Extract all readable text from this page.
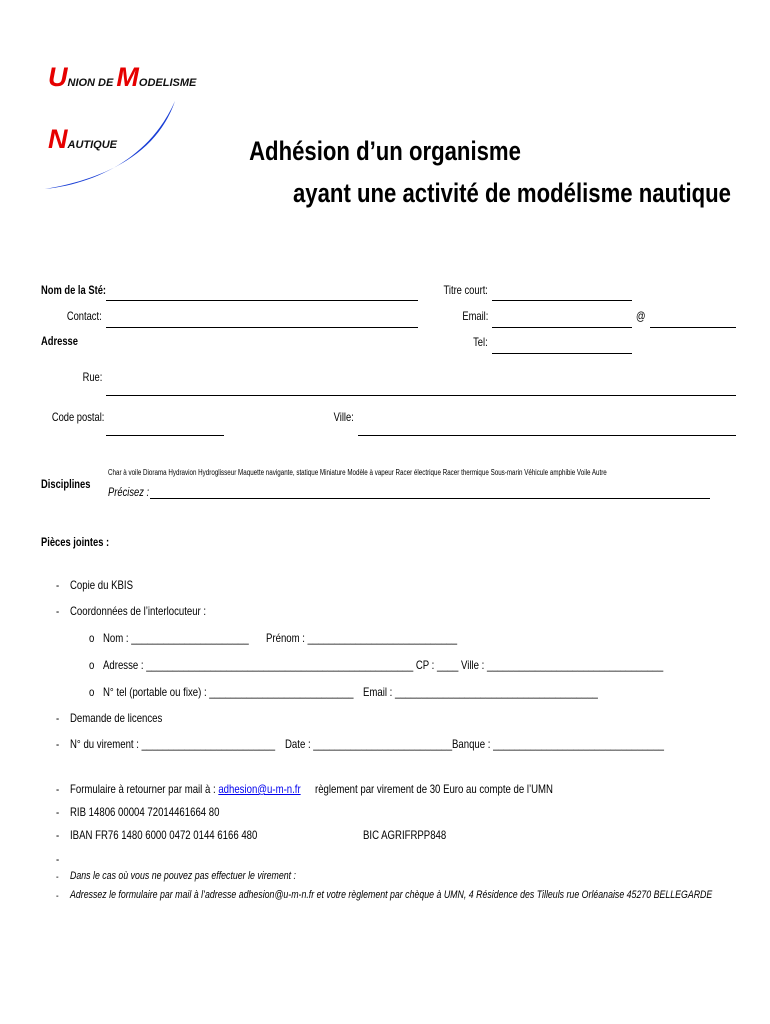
UNION DE MODELISME
NAUTIQUE	Adhésion d’un organisme
ayant une activité de modélisme nautique
Nom de la Sté:
Contact:
Adresse
Titre court:
Email:	@
Tel:
Rue:
Code postal:	Ville:
Disciplines
Char à voile Diorama Hydravion Hydroglisseur Maquette navigante, statique Miniature Modèle à vapeur Racer électrique Racer thermique Sous-marin Véhicule amphibie Voile Autre
Précisez :
Pièces jointes :
- Copie du KBIS
- Coordonnées de l’interlocuteur :
o Nom : ______________________ Prénom : ____________________________
o Adresse : __________________________________________________ CP : ____ Ville : _________________________________
o N° tel (portable ou fixe) : ___________________________ Email : ______________________________________
- Demande de licences
- N° du virement : _________________________ Date : __________________________ Banque : ________________________________
- Formulaire à retourner par mail à : adhesion@u-m-n.fr règlement par virement de 30 Euro au compte de l’UMN
- RIB 14806 00004 72014461664 80
- IBAN FR76 1480 6000 0472 0144 6166 480	BIC AGRIFRPP848
-
- Dans le cas où vous ne pouvez pas effectuer le virement :
- Adressez le formulaire par mail à l’adresse adhesion@u-m-n.fr et votre règlement par chèque à UMN, 4 Résidence des Tilleuls rue Orléanaise 45270 BELLEGARDE
